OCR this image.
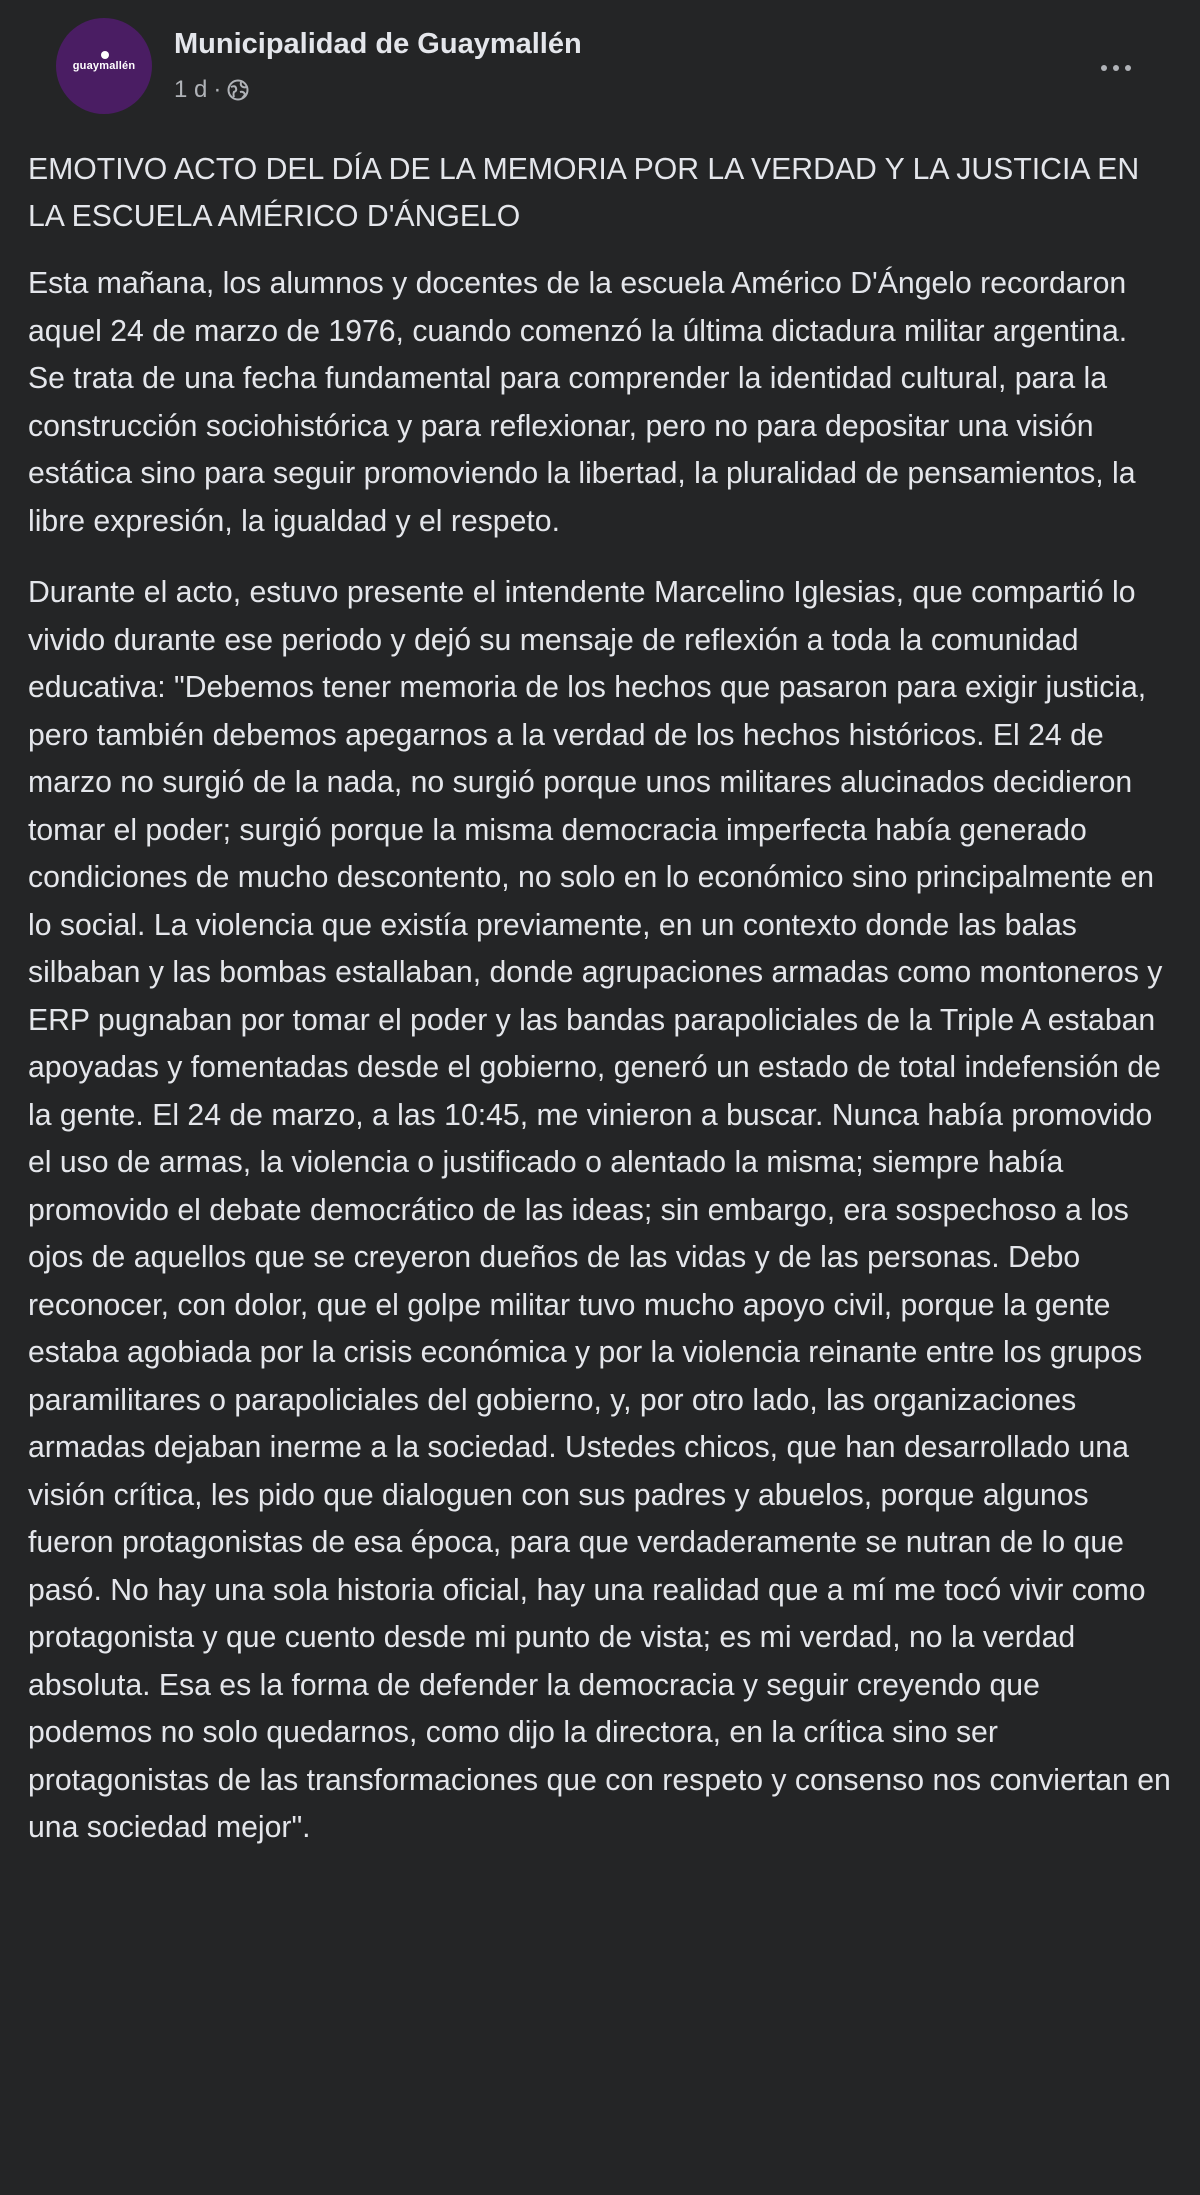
guaymallén
Municipalidad de Guaymallén
1 d ·

EMOTIVO ACTO DEL DÍA DE LA MEMORIA POR LA VERDAD Y LA JUSTICIA EN LA ESCUELA AMÉRICO D'ÁNGELO

Esta mañana, los alumnos y docentes de la escuela Américo D'Ángelo recordaron aquel 24 de marzo de 1976, cuando comenzó la última dictadura militar argentina. Se trata de una fecha fundamental para comprender la identidad cultural, para la construcción sociohistórica y para reflexionar, pero no para depositar una visión estática sino para seguir promoviendo la libertad, la pluralidad de pensamientos, la libre expresión, la igualdad y el respeto.

Durante el acto, estuvo presente el intendente Marcelino Iglesias, que compartió lo vivido durante ese periodo y dejó su mensaje de reflexión a toda la comunidad educativa: "Debemos tener memoria de los hechos que pasaron para exigir justicia, pero también debemos apegarnos a la verdad de los hechos históricos. El 24 de marzo no surgió de la nada, no surgió porque unos militares alucinados decidieron tomar el poder; surgió porque la misma democracia imperfecta había generado condiciones de mucho descontento, no solo en lo económico sino principalmente en lo social. La violencia que existía previamente, en un contexto donde las balas silbaban y las bombas estallaban, donde agrupaciones armadas como montoneros y ERP pugnaban por tomar el poder y las bandas parapoliciales de la Triple A estaban apoyadas y fomentadas desde el gobierno, generó un estado de total indefensión de la gente. El 24 de marzo, a las 10:45, me vinieron a buscar. Nunca había promovido el uso de armas, la violencia o justificado o alentado la misma; siempre había promovido el debate democrático de las ideas; sin embargo, era sospechoso a los ojos de aquellos que se creyeron dueños de las vidas y de las personas. Debo reconocer, con dolor, que el golpe militar tuvo mucho apoyo civil, porque la gente estaba agobiada por la crisis económica y por la violencia reinante entre los grupos paramilitares o parapoliciales del gobierno, y, por otro lado, las organizaciones armadas dejaban inerme a la sociedad. Ustedes chicos, que han desarrollado una visión crítica, les pido que dialoguen con sus padres y abuelos, porque algunos fueron protagonistas de esa época, para que verdaderamente se nutran de lo que pasó. No hay una sola historia oficial, hay una realidad que a mí me tocó vivir como protagonista y que cuento desde mi punto de vista; es mi verdad, no la verdad absoluta. Esa es la forma de defender la democracia y seguir creyendo que podemos no solo quedarnos, como dijo la directora, en la crítica sino ser protagonistas de las transformaciones que con respeto y consenso nos conviertan en una sociedad mejor".
